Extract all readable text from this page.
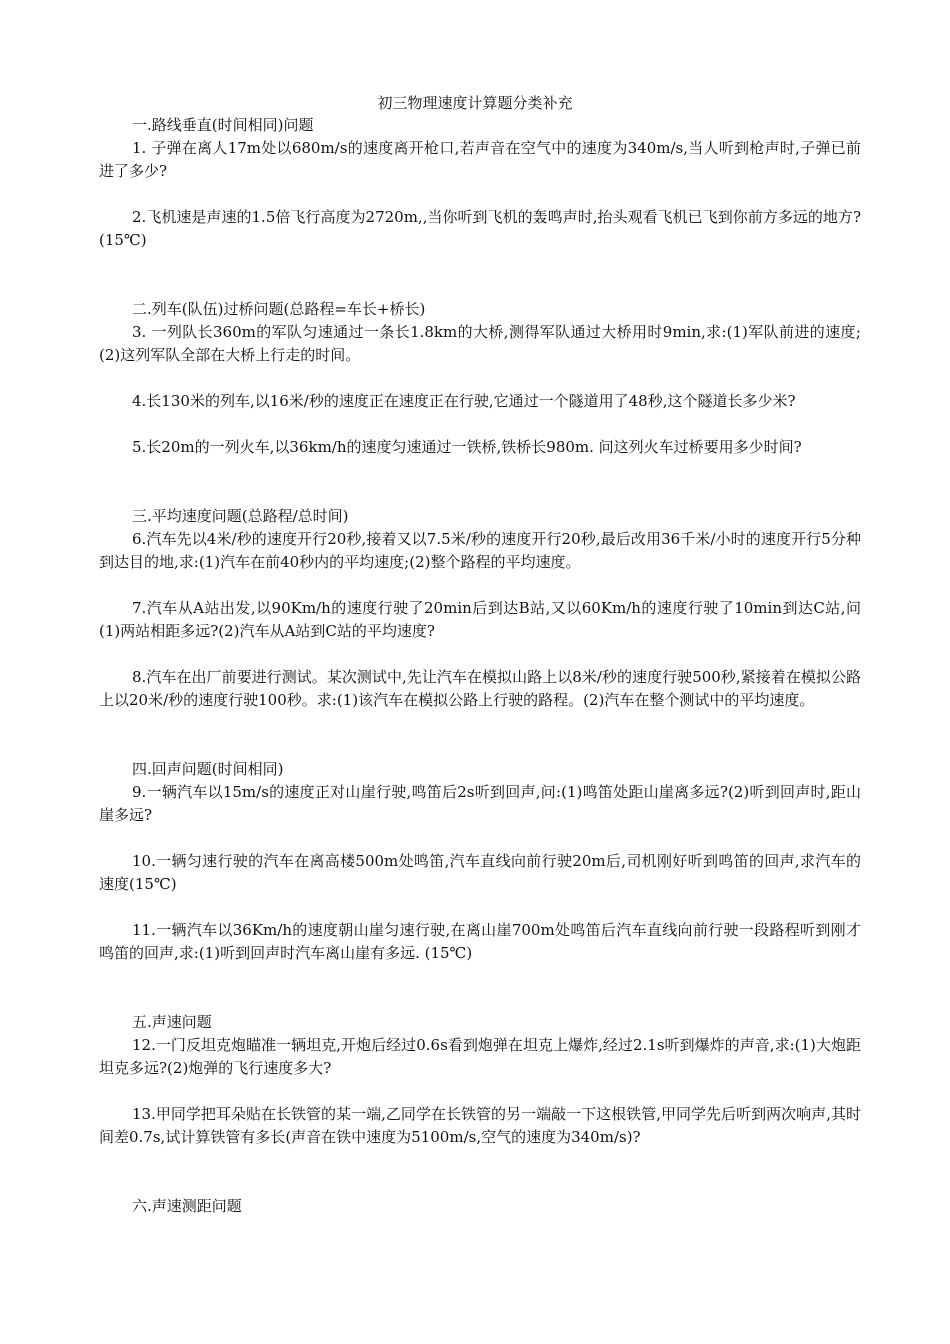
初三物理速度计算题分类补充

一.路线垂直(时间相同)问题

1. 子弹在离人17m处以680m/s的速度离开枪口,若声音在空气中的速度为340m/s,当人听到枪声时,子弹已前进了多少?

2.飞机速是声速的1.5倍飞行高度为2720m,,当你听到飞机的轰鸣声时,抬头观看飞机已飞到你前方多远的地方?(15℃)

二.列车(队伍)过桥问题(总路程=车长+桥长)

3. 一列队长360m的军队匀速通过一条长1.8km的大桥,测得军队通过大桥用时9min,求:(1)军队前进的速度;(2)这列军队全部在大桥上行走的时间。

4.长130米的列车,以16米/秒的速度正在速度正在行驶,它通过一个隧道用了48秒,这个隧道长多少米?

5.长20m的一列火车,以36km/h的速度匀速通过一铁桥,铁桥长980m. 问这列火车过桥要用多少时间?

三.平均速度问题(总路程/总时间)

6.汽车先以4米/秒的速度开行20秒,接着又以7.5米/秒的速度开行20秒,最后改用36千米/小时的速度开行5分种到达目的地,求:(1)汽车在前40秒内的平均速度;(2)整个路程的平均速度。

7.汽车从A站出发,以90Km/h的速度行驶了20min后到达B站,又以60Km/h的速度行驶了10min到达C站,问(1)两站相距多远?(2)汽车从A站到C站的平均速度?

8.汽车在出厂前要进行测试。某次测试中,先让汽车在模拟山路上以8米/秒的速度行驶500秒,紧接着在模拟公路上以20米/秒的速度行驶100秒。求:(1)该汽车在模拟公路上行驶的路程。(2)汽车在整个测试中的平均速度。

四.回声问题(时间相同)

9.一辆汽车以15m/s的速度正对山崖行驶,鸣笛后2s听到回声,问:(1)鸣笛处距山崖离多远?(2)听到回声时,距山崖多远?

10.一辆匀速行驶的汽车在离高楼500m处鸣笛,汽车直线向前行驶20m后,司机刚好听到鸣笛的回声,求汽车的速度(15℃)

11.一辆汽车以36Km/h的速度朝山崖匀速行驶,在离山崖700m处鸣笛后汽车直线向前行驶一段路程听到刚才鸣笛的回声,求:(1)听到回声时汽车离山崖有多远. (15℃)

五.声速问题

12.一门反坦克炮瞄准一辆坦克,开炮后经过0.6s看到炮弹在坦克上爆炸,经过2.1s听到爆炸的声音,求:(1)大炮距坦克多远?(2)炮弹的飞行速度多大?

13.甲同学把耳朵贴在长铁管的某一端,乙同学在长铁管的另一端敲一下这根铁管,甲同学先后听到两次响声,其时间差0.7s,试计算铁管有多长(声音在铁中速度为5100m/s,空气的速度为340m/s)?

六.声速测距问题
